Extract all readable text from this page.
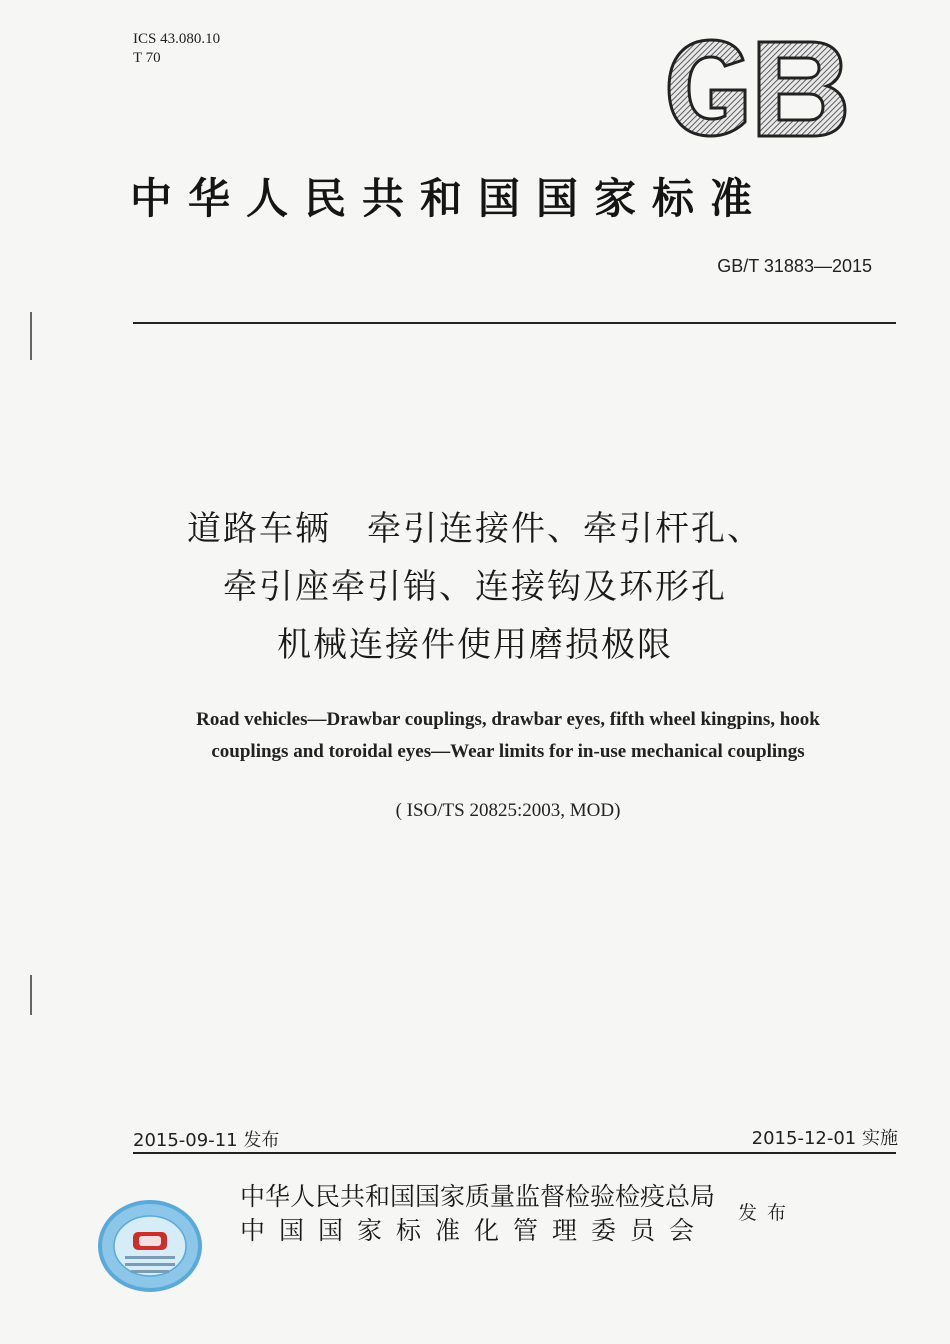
ICS 43.080.10
T 70
中华人民共和国国家标准
GB/T 31883—2015
道路车辆　牵引连接件、牵引杆孔、
牵引座牵引销、连接钩及环形孔
机械连接件使用磨损极限
Road vehicles—Drawbar couplings, drawbar eyes, fifth wheel kingpins, hook
couplings and toroidal eyes—Wear limits for in-use mechanical couplings
( ISO/TS 20825:2003, MOD)
2015-09-11 发布	2015-12-01 实施
中华人民共和国国家质量监督检验检疫总局
中国国家标准化管理委员会
发布
